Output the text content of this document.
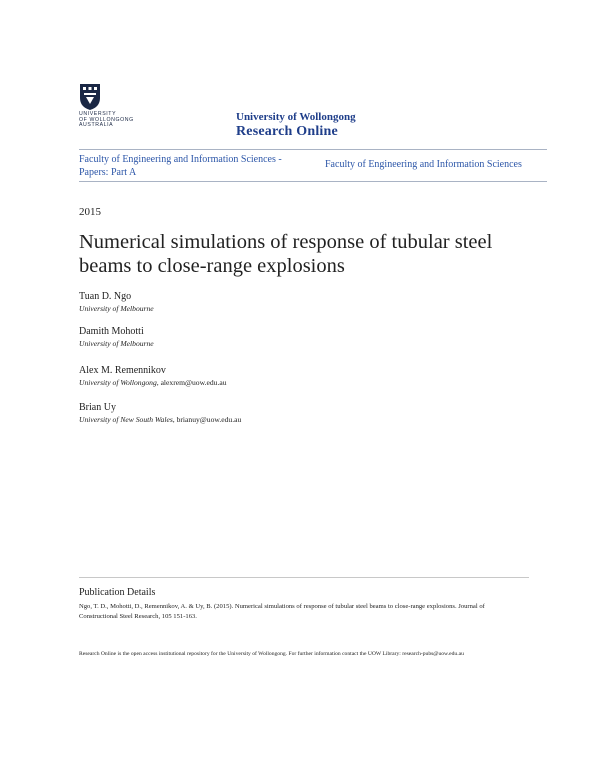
UNIVERSITY
OF WOLLONGONG
AUSTRALIA
University of Wollongong
Research Online
Faculty of Engineering and Information Sciences - Papers: Part A
Faculty of Engineering and Information Sciences
2015
Numerical simulations of response of tubular steel beams to close-range explosions
Tuan D. Ngo
University of Melbourne
Damith Mohotti
University of Melbourne
Alex M. Remennikov
University of Wollongong, alexrem@uow.edu.au
Brian Uy
University of New South Wales, brianuy@uow.edu.au
Publication Details
Ngo, T. D., Mohotti, D., Remennikov, A. & Uy, B. (2015). Numerical simulations of response of tubular steel beams to close-range explosions. Journal of Constructional Steel Research, 105 151-163.
Research Online is the open access institutional repository for the University of Wollongong. For further information contact the UOW Library: research-pubs@uow.edu.au
